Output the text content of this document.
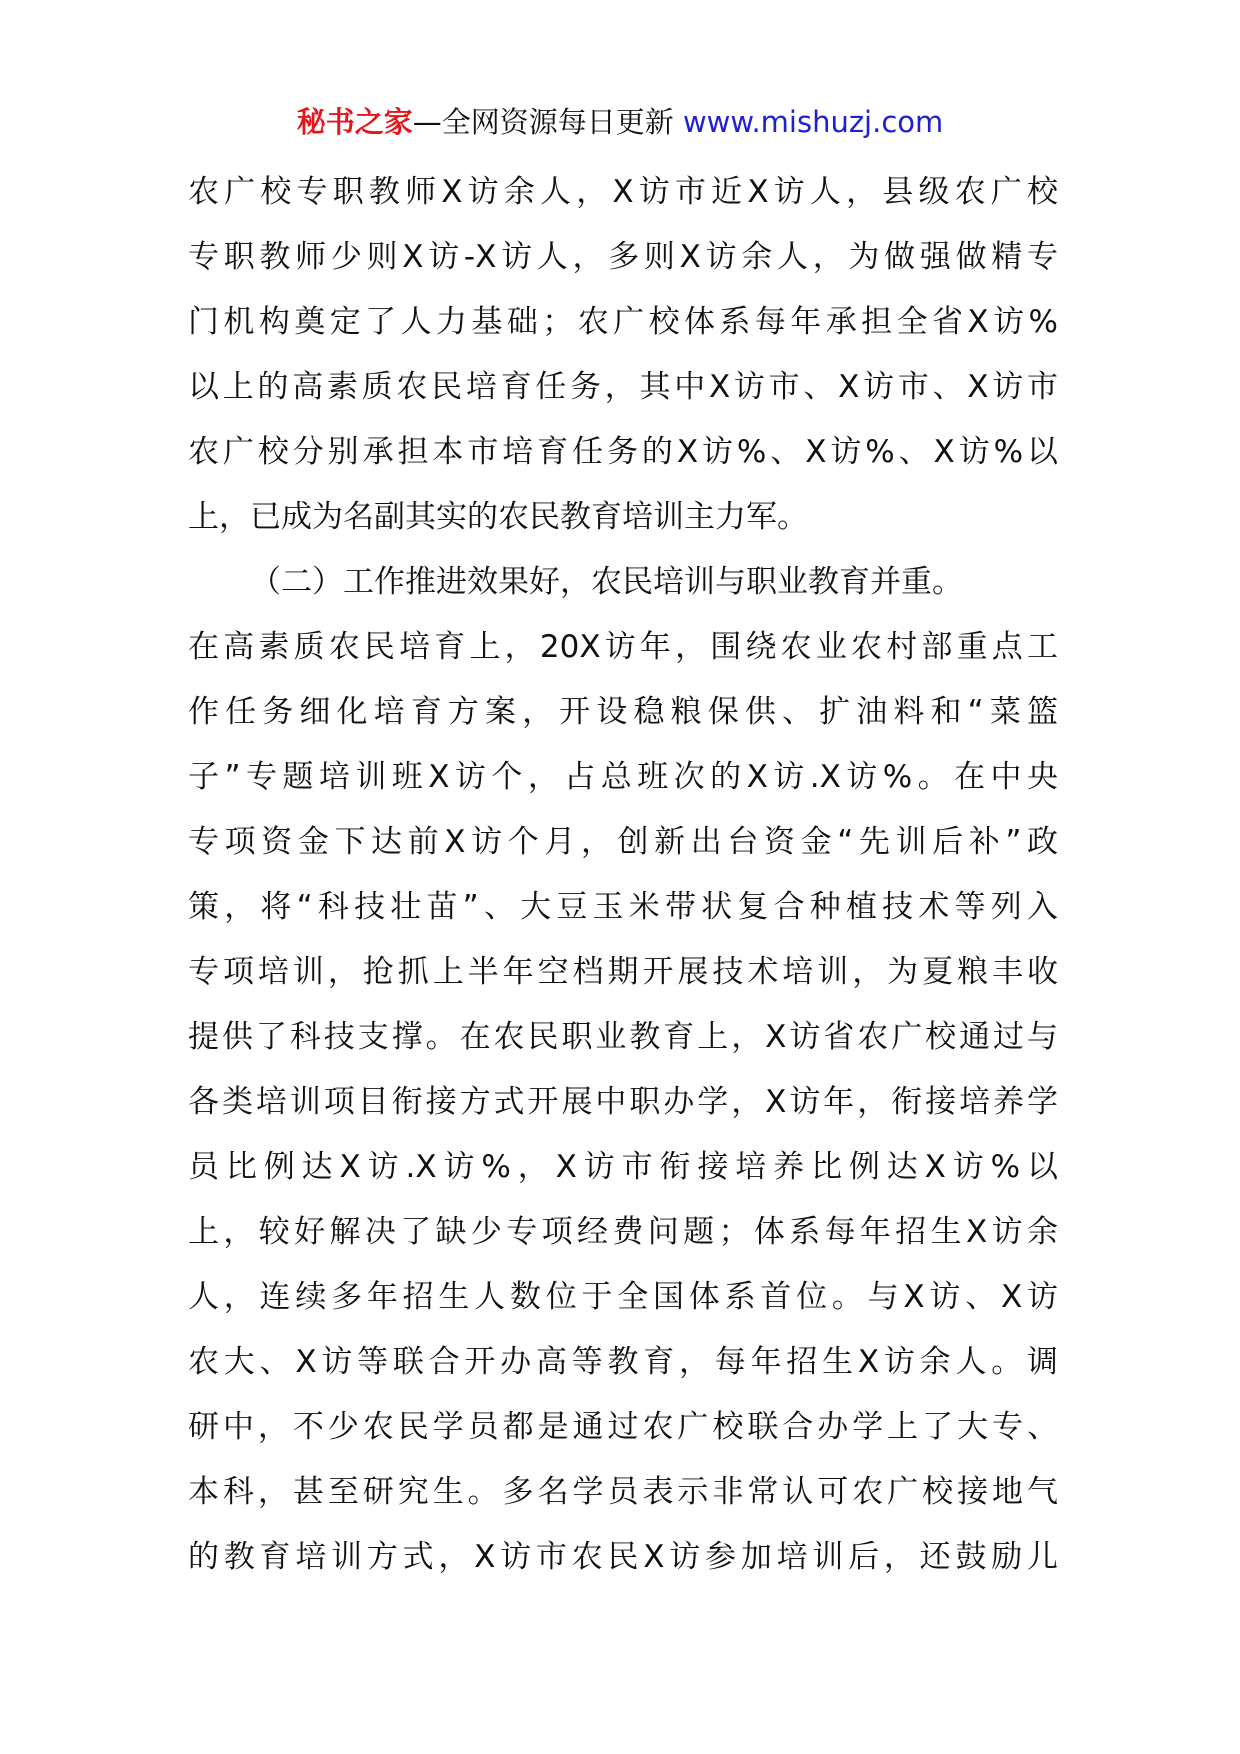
秘书之家—全网资源每日更新 www.mishuzj.com
农广校专职教师X访余人，X访市近X访人，县级农广校
专职教师少则X访-X访人，多则X访余人，为做强做精专
门机构奠定了人力基础；农广校体系每年承担全省X访%
以上的高素质农民培育任务，其中X访市、X访市、X访市
农广校分别承担本市培育任务的X访%、X访%、X访%以
上，已成为名副其实的农民教育培训主力军。
（二）工作推进效果好，农民培训与职业教育并重。
在高素质农民培育上，20X访年，围绕农业农村部重点工
作任务细化培育方案，开设稳粮保供、扩油料和“菜篮
子”专题培训班X访个，占总班次的X访.X访%。在中央
专项资金下达前X访个月，创新出台资金“先训后补”政
策，将“科技壮苗”、大豆玉米带状复合种植技术等列入
专项培训，抢抓上半年空档期开展技术培训，为夏粮丰收
提供了科技支撑。在农民职业教育上，X访省农广校通过与
各类培训项目衔接方式开展中职办学，X访年，衔接培养学
员比例达X访.X访%，X访市衔接培养比例达X访%以
上，较好解决了缺少专项经费问题；体系每年招生X访余
人，连续多年招生人数位于全国体系首位。与X访、X访
农大、X访等联合开办高等教育，每年招生X访余人。调
研中，不少农民学员都是通过农广校联合办学上了大专、
本科，甚至研究生。多名学员表示非常认可农广校接地气
的教育培训方式，X访市农民X访参加培训后，还鼓励儿
